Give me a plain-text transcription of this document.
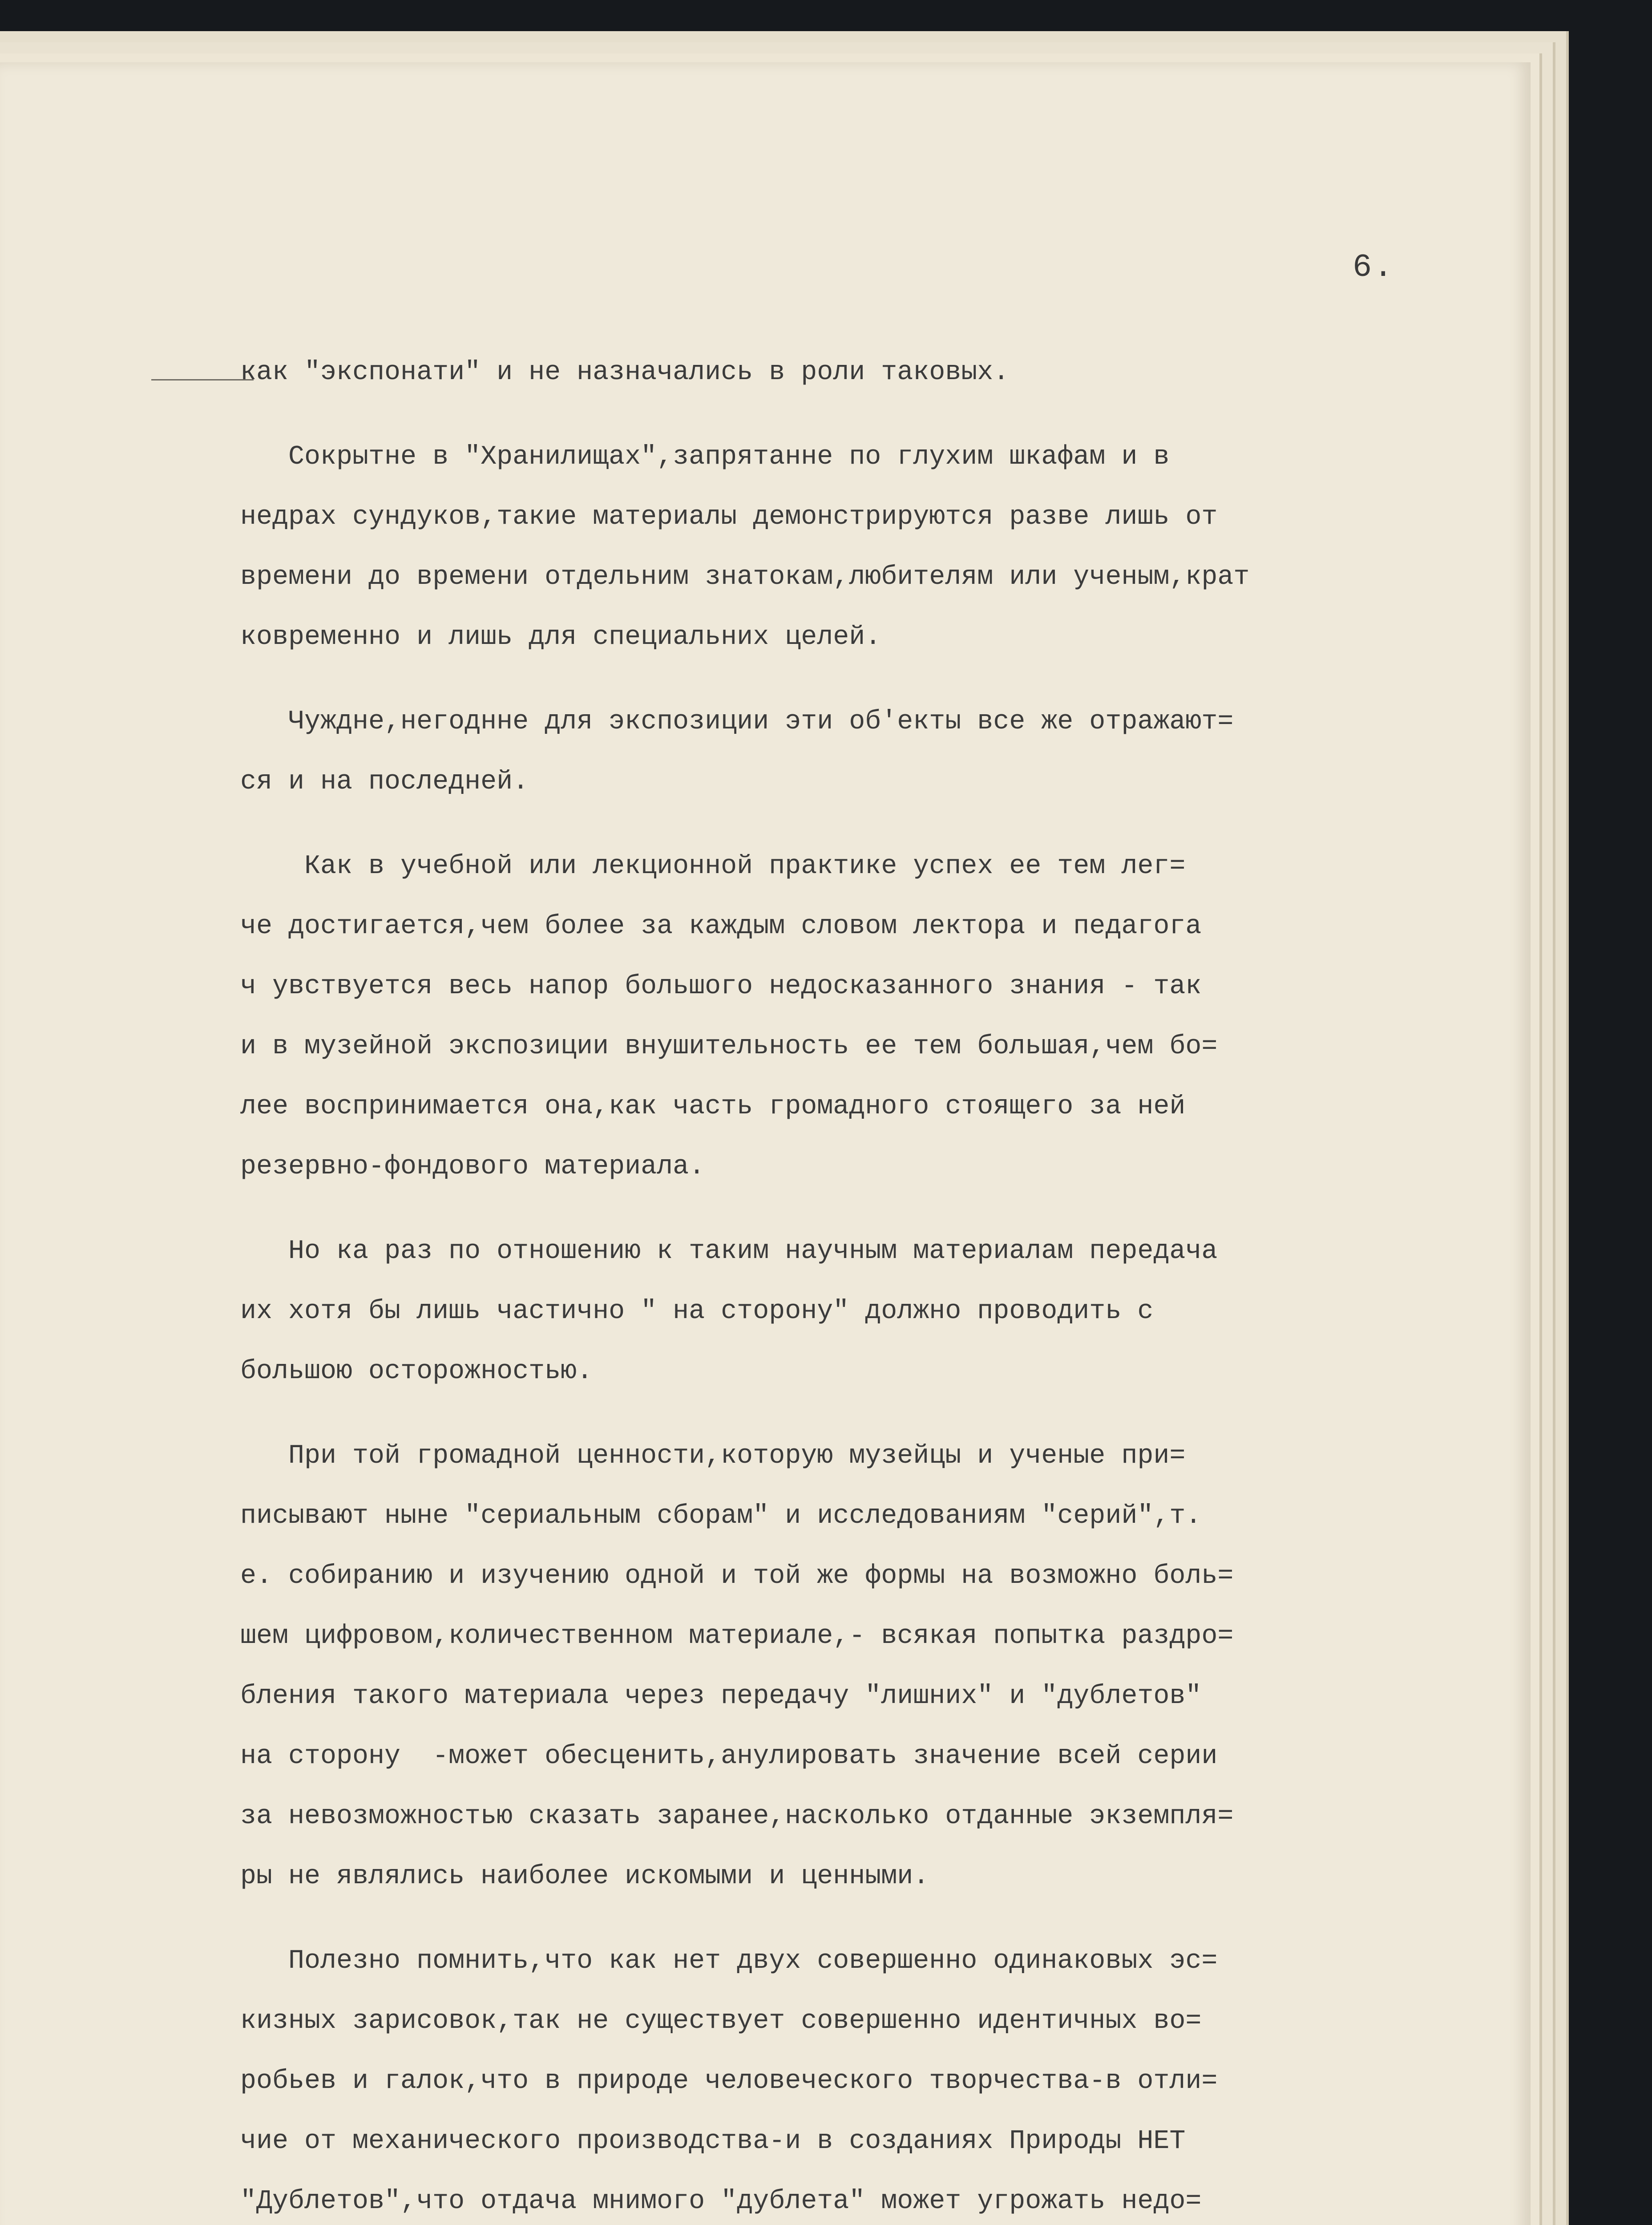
6.
как "экспонати" и не назначались в роли таковых.
Сокрытне в "Хранилищах",запрятанне по глухим шкафам и в
недрах сундуков,такие материалы демонстрируются разве лишь от
времени до времени отдельним знатокам,любителям или ученым,крат
ковременно и лишь для специальних целей.
Чуждне,негоднне для экспозиции эти об'екты все же отражают=
ся и на последней.
Как в учебной или лекционной практике успех ее тем лег=
че достигается,чем более за каждым словом лектора и педагога
ч увствуется весь напор большого недосказанного знания - так
и в музейной экспозиции внушительность ее тем большая,чем бо=
лее воспринимается она,как часть громадного стоящего за ней
резервно-фондового материала.
Но ка раз по отношению к таким научным материалам передача
их хотя бы лишь частично " на сторону" должно проводить с
большою осторожностью.
При той громадной ценности,которую музейцы и ученые при=
писывают ныне "сериальным сборам" и исследованиям "серий",т.
е. собиранию и изучению одной и той же формы на возможно боль=
шем цифровом,количественном материале,- всякая попытка раздро=
бления такого материала через передачу "лишних" и "дублетов"
на сторону  -может обесценить,анулировать значение всей серии
за невозможностью сказать заранее,насколько отданные экземпля=
ры не являлись наиболее искомыми и ценными.
Полезно помнить,что как нет двух совершенно одинаковых эс=
кизных зарисовок,так не существует совершенно идентичных во=
робьев и галок,что в природе человеческого творчества-в отли=
чие от механического производства-и в созданиях Природы НЕТ
"Дублетов",что отдача мнимого "дублета" может угрожать недо=
